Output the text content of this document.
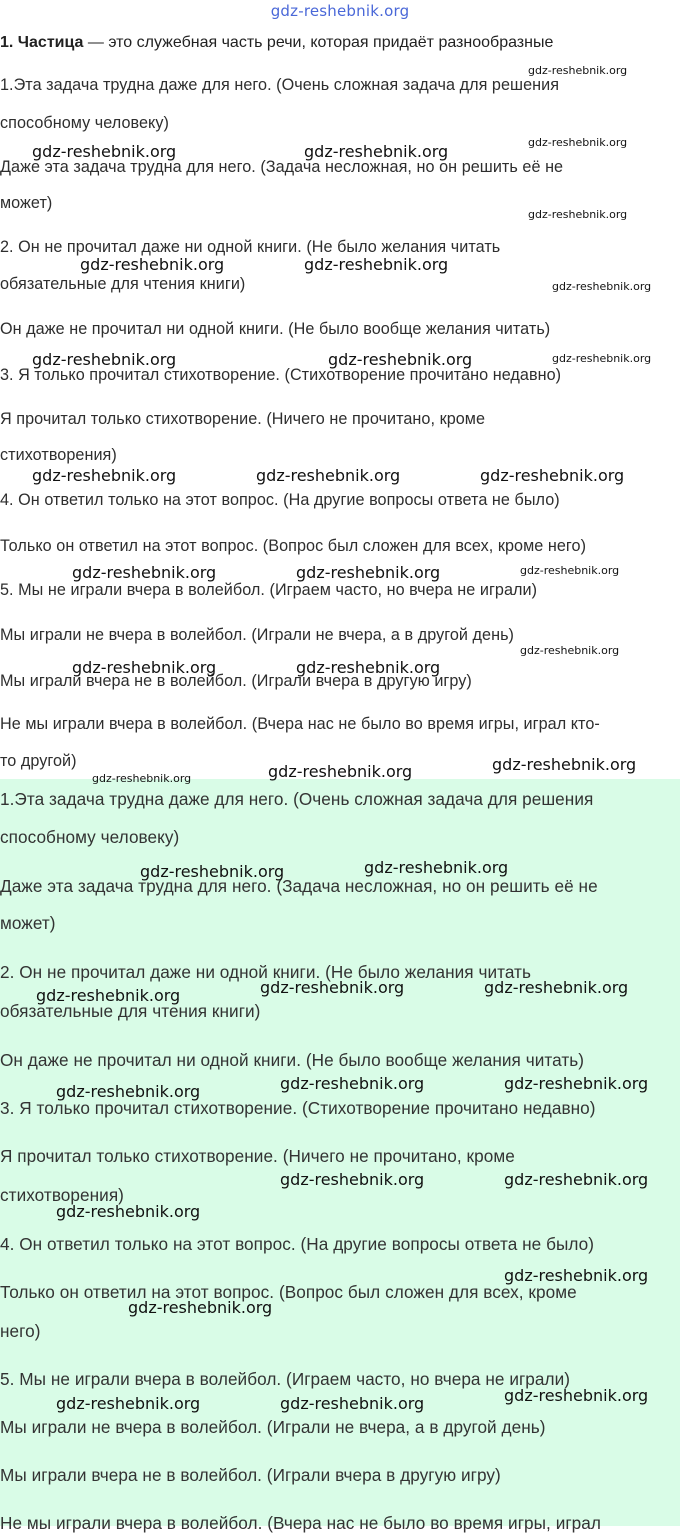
gdz-reshebnik.org
1. Частица — это служебная часть речи, которая придаёт разнообразные
1.Эта задача трудна даже для него. (Очень сложная задача для решения
способному человеку)
Даже эта задача трудна для него. (Задача несложная, но он решить её не
может)
2. Он не прочитал даже ни одной книги. (Не было желания читать
обязательные для чтения книги)
Он даже не прочитал ни одной книги. (Не было вообще желания читать)
3. Я только прочитал стихотворение. (Стихотворение прочитано недавно)
Я прочитал только стихотворение. (Ничего не прочитано, кроме
стихотворения)
4. Он ответил только на этот вопрос. (На другие вопросы ответа не было)
Только он ответил на этот вопрос. (Вопрос был сложен для всех, кроме него)
5. Мы не играли вчера в волейбол. (Играем часто, но вчера не играли)
Мы играли не вчера в волейбол. (Играли не вчера, а в другой день)
Мы играли вчера не в волейбол. (Играли вчера в другую игру)
Не мы играли вчера в волейбол. (Вчера нас не было во время игры, играл кто-
то другой)
1.Эта задача трудна даже для него. (Очень сложная задача для решения
способному человеку)
Даже эта задача трудна для него. (Задача несложная, но он решить её не
может)
2. Он не прочитал даже ни одной книги. (Не было желания читать
обязательные для чтения книги)
Он даже не прочитал ни одной книги. (Не было вообще желания читать)
3. Я только прочитал стихотворение. (Стихотворение прочитано недавно)
Я прочитал только стихотворение. (Ничего не прочитано, кроме
стихотворения)
4. Он ответил только на этот вопрос. (На другие вопросы ответа не было)
Только он ответил на этот вопрос. (Вопрос был сложен для всех, кроме
него)
5. Мы не играли вчера в волейбол. (Играем часто, но вчера не играли)
Мы играли не вчера в волейбол. (Играли не вчера, а в другой день)
Мы играли вчера не в волейбол. (Играли вчера в другую игру)
Не мы играли вчера в волейбол. (Вчера нас не было во время игры, играл
gdz-reshebnik.org
gdz-reshebnik.org
gdz-reshebnik.org	gdz-reshebnik.org
gdz-reshebnik.org
gdz-reshebnik.org	gdz-reshebnik.org
gdz-reshebnik.org
gdz-reshebnik.org	gdz-reshebnik.org	gdz-reshebnik.org
gdz-reshebnik.org	gdz-reshebnik.org	gdz-reshebnik.org
gdz-reshebnik.org	gdz-reshebnik.org	gdz-reshebnik.org
gdz-reshebnik.org
gdz-reshebnik.org	gdz-reshebnik.org
gdz-reshebnik.org
gdz-reshebnik.org
gdz-reshebnik.org
gdz-reshebnik.org
gdz-reshebnik.org
gdz-reshebnik.org	gdz-reshebnik.org
gdz-reshebnik.org
gdz-reshebnik.org	gdz-reshebnik.org
gdz-reshebnik.org
gdz-reshebnik.org	gdz-reshebnik.org
gdz-reshebnik.org
gdz-reshebnik.org
gdz-reshebnik.org
gdz-reshebnik.org
gdz-reshebnik.org	gdz-reshebnik.org
